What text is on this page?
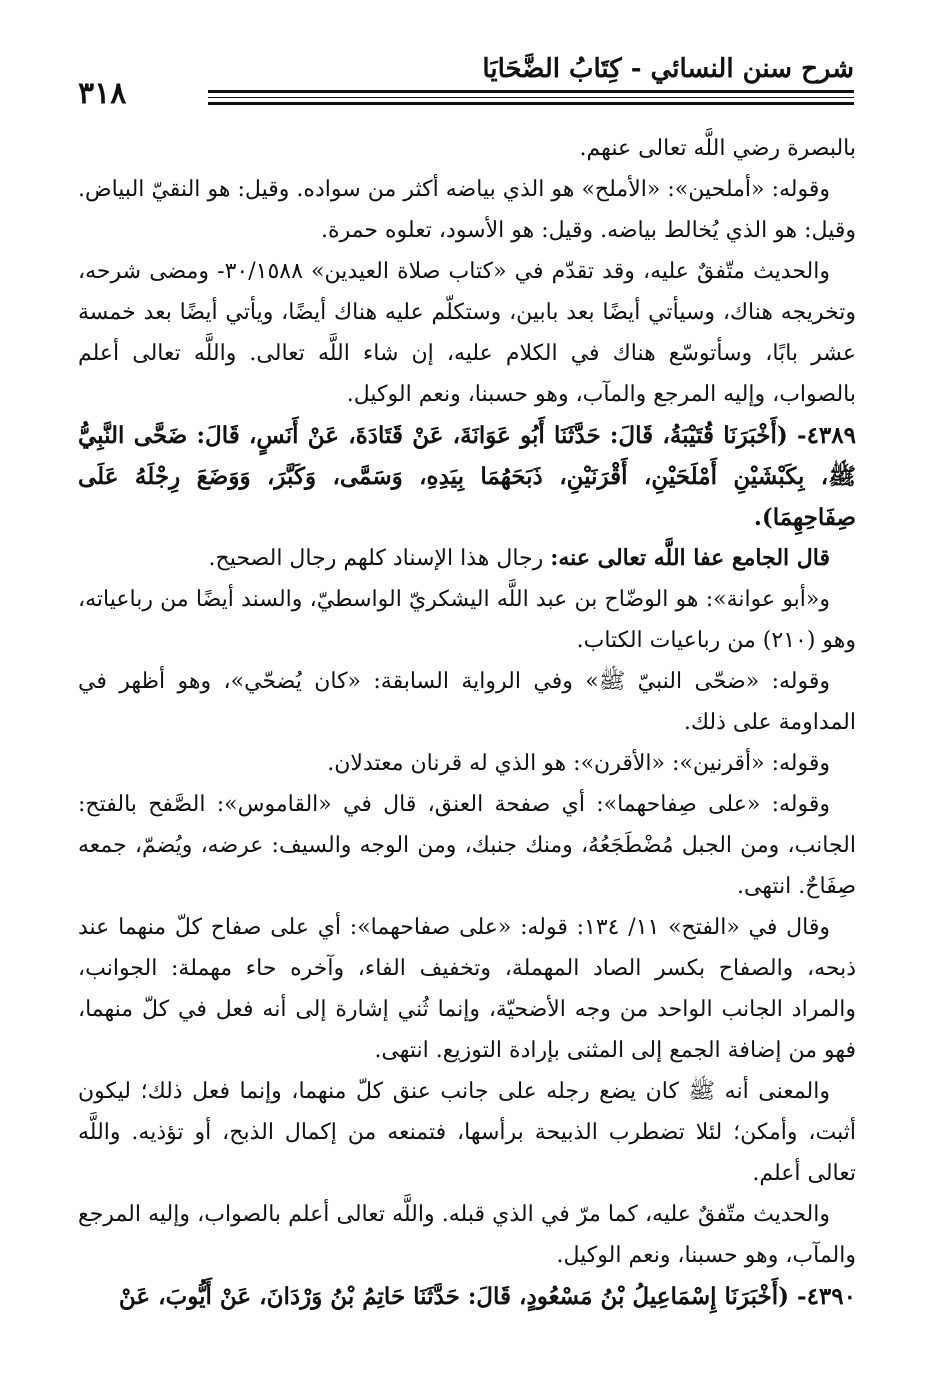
شرح سنن النسائي - كِتَابُ الضَّحَايَا
٣١٨

بالبصرة رضي اللَّه تعالى عنهم.

وقوله: «أملحين»: «الأملح» هو الذي بياضه أكثر من سواده. وقيل: هو النقيّ البياض. وقيل: هو الذي يُخالط بياضه. وقيل: هو الأسود، تعلوه حمرة.

والحديث متّفقٌ عليه، وقد تقدّم في «كتاب صلاة العيدين» ٣٠/١٥٨٨- ومضى شرحه، وتخريجه هناك، وسيأتي أيضًا بعد بابين، وستكلّم عليه هناك أيضًا، ويأتي أيضًا بعد خمسة عشر بابًا، وسأتوسّع هناك في الكلام عليه، إن شاء اللَّه تعالى. واللَّه تعالى أعلم بالصواب، وإليه المرجع والمآب، وهو حسبنا، ونعم الوكيل.

٤٣٨٩- (أَخْبَرَنَا قُتَيْبَةُ، قَالَ: حَدَّثَنَا أَبُو عَوَانَةَ، عَنْ قَتَادَةَ، عَنْ أَنَسٍ، قَالَ: ضَحَّى النَّبِيُّ ﷺ، بِكَبْشَيْنِ أَمْلَحَيْنِ، أَقْرَنَيْنِ، ذَبَحَهُمَا بِيَدِهِ، وَسَمَّى، وَكَبَّرَ، وَوَضَعَ رِجْلَهُ عَلَى صِفَاحِهِمَا).

قال الجامع عفا اللَّه تعالى عنه: رجال هذا الإسناد كلهم رجال الصحيح.

و«أبو عوانة»: هو الوضّاح بن عبد اللَّه اليشكريّ الواسطيّ، والسند أيضًا من رباعياته، وهو (٢١٠) من رباعيات الكتاب.

وقوله: «ضحّى النبيّ ﷺ» وفي الرواية السابقة: «كان يُضحّي»، وهو أظهر في المداومة على ذلك.

وقوله: «أقرنين»: «الأقرن»: هو الذي له قرنان معتدلان.

وقوله: «على صِفاحهما»: أي صفحة العنق، قال في «القاموس»: الصَّفح بالفتح: الجانب، ومن الجبل مُضْطَجَعُهُ، ومنك جنبك، ومن الوجه والسيف: عرضه، ويُضمّ، جمعه صِفَاحٌ. انتهى.

وقال في «الفتح» ١١/ ١٣٤: قوله: «على صفاحهما»: أي على صفاح كلّ منهما عند ذبحه، والصفاح بكسر الصاد المهملة، وتخفيف الفاء، وآخره حاء مهملة: الجوانب، والمراد الجانب الواحد من وجه الأضحيّة، وإنما ثُني إشارة إلى أنه فعل في كلّ منهما، فهو من إضافة الجمع إلى المثنى بإرادة التوزيع. انتهى.

والمعنى أنه ﷺ كان يضع رجله على جانب عنق كلّ منهما، وإنما فعل ذلك؛ ليكون أثبت، وأمكن؛ لئلا تضطرب الذبيحة برأسها، فتمنعه من إكمال الذبح، أو تؤذيه. واللَّه تعالى أعلم.

والحديث متّفقٌ عليه، كما مرّ في الذي قبله. واللَّه تعالى أعلم بالصواب، وإليه المرجع والمآب، وهو حسبنا، ونعم الوكيل.

٤٣٩٠- (أَخْبَرَنَا إِسْمَاعِيلُ بْنُ مَسْعُودٍ، قَالَ: حَدَّثَنَا حَاتِمُ بْنُ وَرْدَانَ، عَنْ أَيُّوبَ، عَنْ
